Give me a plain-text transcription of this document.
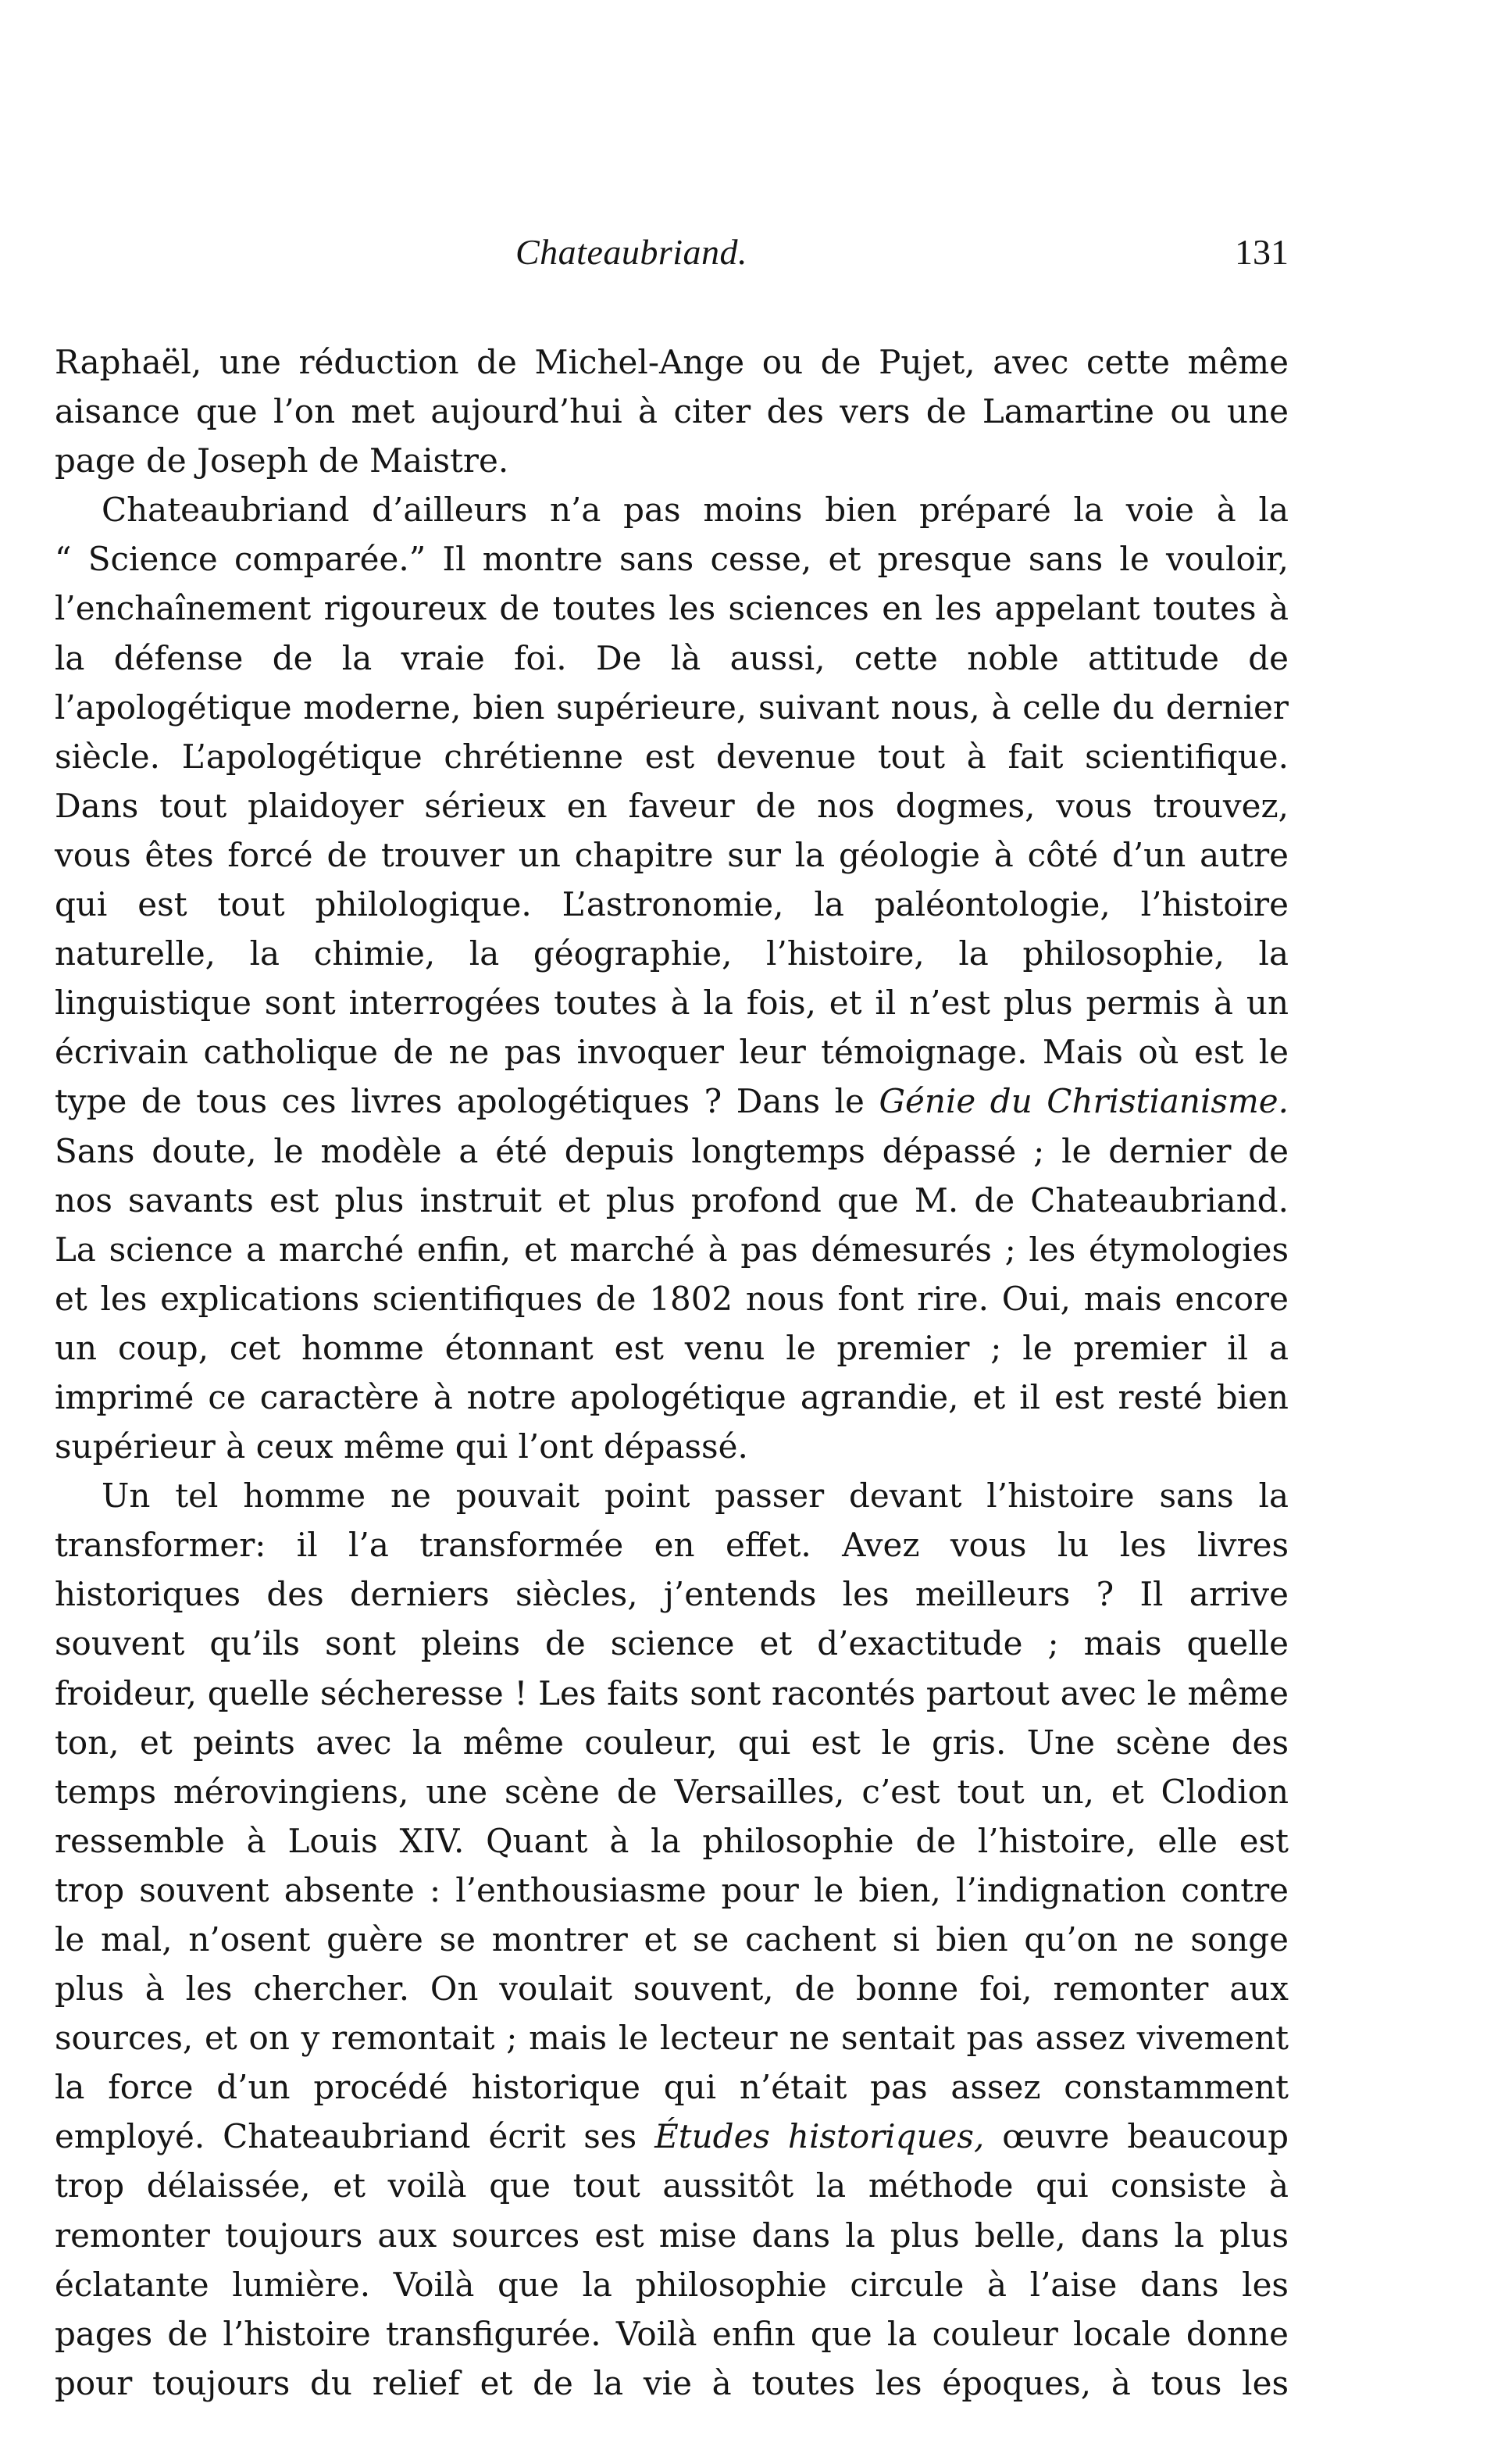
Chateaubriand.	131
Raphaël, une réduction de Michel-Ange ou de Pujet, avec cette même
aisance que l’on met aujourd’hui à citer des vers de Lamartine ou une
page de Joseph de Maistre.
Chateaubriand d’ailleurs n’a pas moins bien préparé la voie à la
“ Science comparée.” Il montre sans cesse, et presque sans le vouloir,
l’enchaînement rigoureux de toutes les sciences en les appelant toutes à
la défense de la vraie foi. De là aussi, cette noble attitude de
l’apologétique moderne, bien supérieure, suivant nous, à celle du dernier
siècle. L’apologétique chrétienne est devenue tout à fait scientifique.
Dans tout plaidoyer sérieux en faveur de nos dogmes, vous trouvez,
vous êtes forcé de trouver un chapitre sur la géologie à côté d’un autre
qui est tout philologique. L’astronomie, la paléontologie, l’histoire
naturelle, la chimie, la géographie, l’histoire, la philosophie, la
linguistique sont interrogées toutes à la fois, et il n’est plus permis à un
écrivain catholique de ne pas invoquer leur témoignage. Mais où est le
type de tous ces livres apologétiques ? Dans le Génie du Christianisme.
Sans doute, le modèle a été depuis longtemps dépassé ; le dernier de
nos savants est plus instruit et plus profond que M. de Chateaubriand.
La science a marché enfin, et marché à pas démesurés ; les étymologies
et les explications scientifiques de 1802 nous font rire. Oui, mais encore
un coup, cet homme étonnant est venu le premier ; le premier il a
imprimé ce caractère à notre apologétique agrandie, et il est resté bien
supérieur à ceux même qui l’ont dépassé.
Un tel homme ne pouvait point passer devant l’histoire sans la
transformer: il l’a transformée en effet. Avez vous lu les livres
historiques des derniers siècles, j’entends les meilleurs ? Il arrive
souvent qu’ils sont pleins de science et d’exactitude ; mais quelle
froideur, quelle sécheresse ! Les faits sont racontés partout avec le même
ton, et peints avec la même couleur, qui est le gris. Une scène des
temps mérovingiens, une scène de Versailles, c’est tout un, et Clodion
ressemble à Louis XIV. Quant à la philosophie de l’histoire, elle est
trop souvent absente : l’enthousiasme pour le bien, l’indignation contre
le mal, n’osent guère se montrer et se cachent si bien qu’on ne songe
plus à les chercher. On voulait souvent, de bonne foi, remonter aux
sources, et on y remontait ; mais le lecteur ne sentait pas assez vivement
la force d’un procédé historique qui n’était pas assez constamment
employé. Chateaubriand écrit ses Études historiques, œuvre beaucoup
trop délaissée, et voilà que tout aussitôt la méthode qui consiste à
remonter toujours aux sources est mise dans la plus belle, dans la plus
éclatante lumière. Voilà que la philosophie circule à l’aise dans les
pages de l’histoire transfigurée. Voilà enfin que la couleur locale donne
pour toujours du relief et de la vie à toutes les époques, à tous les
